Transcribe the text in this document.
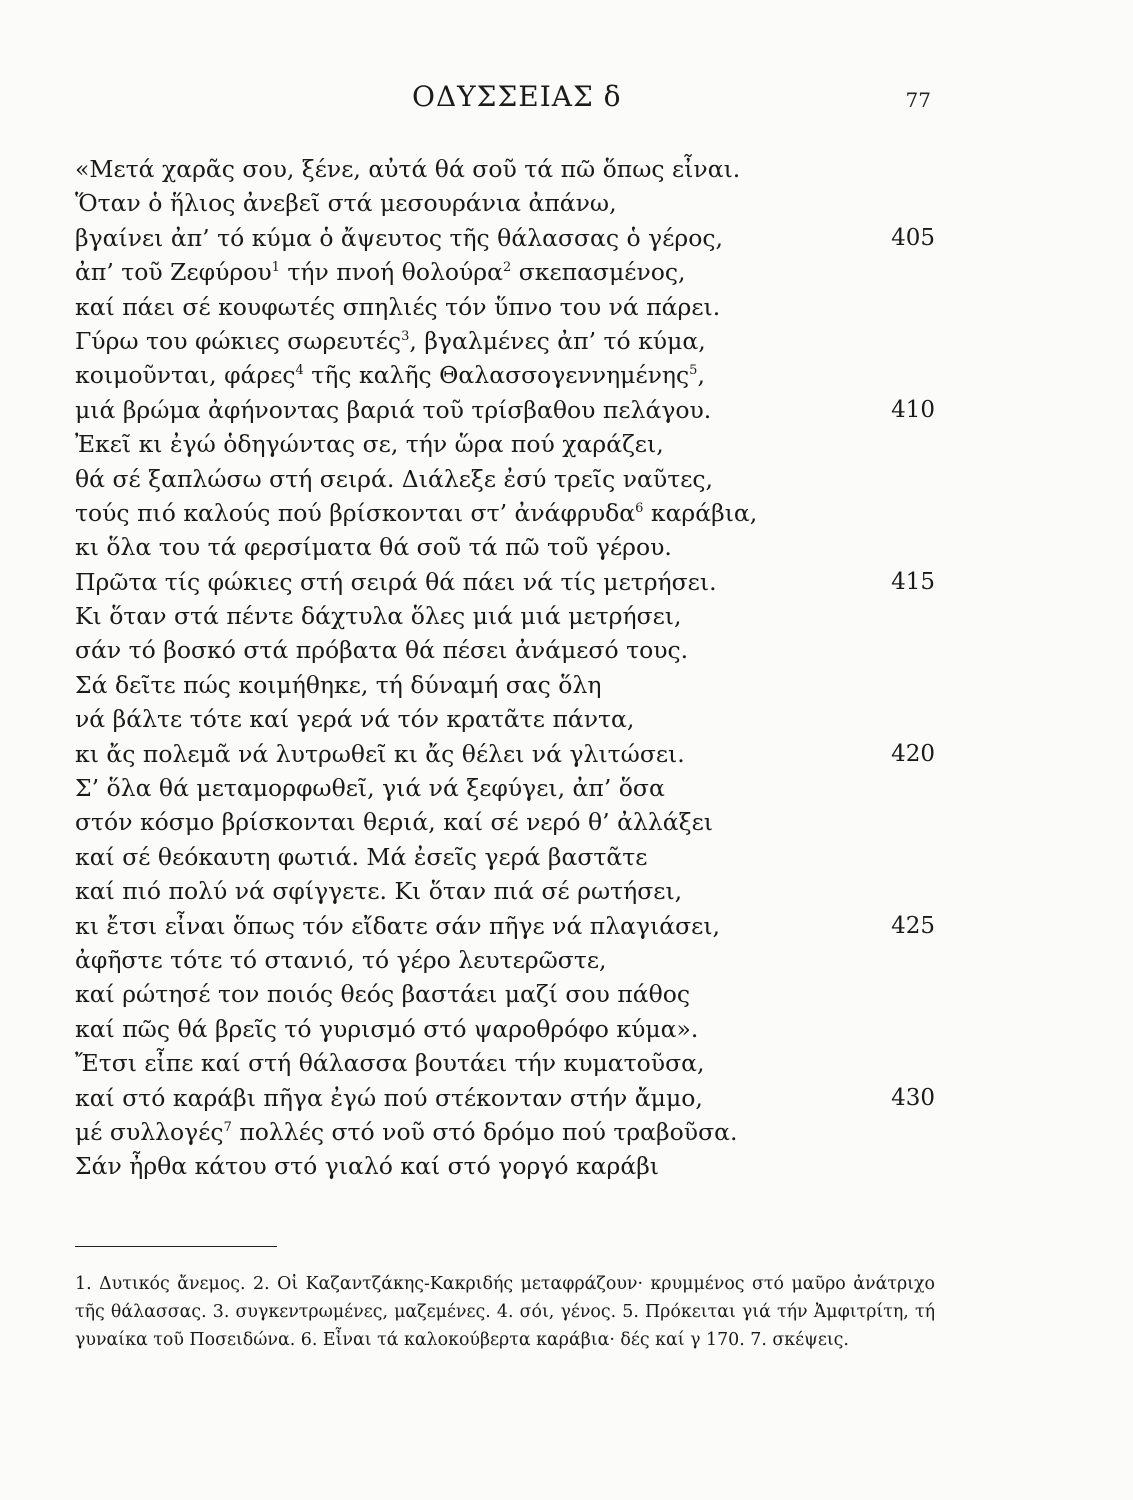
ΟΔΥΣΣΕΙΑΣ δ	77
«Μετά χαρᾶς σου, ξένε, αὐτά θά σοῦ τά πῶ ὅπως εἶναι.
Ὅταν ὁ ἥλιος ἀνεβεῖ στά μεσουράνια ἀπάνω,
βγαίνει ἀπ’ τό κύμα ὁ ἄψευτος τῆς θάλασσας ὁ γέρος,	405
ἀπ’ τοῦ Ζεφύρου$^1$ τήν πνοή θολούρα$^2$ σκεπασμένος,
καί πάει σέ κουφωτές σπηλιές τόν ὕπνο του νά πάρει.
Γύρω του φώκιες σωρευτές$^3$, βγαλμένες ἀπ’ τό κύμα,
κοιμοῦνται, φάρες$^4$ τῆς καλῆς Θαλασσογεννημένης$^5$,
μιά βρώμα ἀφήνοντας βαριά τοῦ τρίσβαθου πελάγου.	410
Ἐκεῖ κι ἐγώ ὁδηγώντας σε, τήν ὥρα πού χαράζει,
θά σέ ξαπλώσω στή σειρά. Διάλεξε ἐσύ τρεῖς ναῦτες,
τούς πιό καλούς πού βρίσκονται στ’ ἀνάφρυδα$^6$ καράβια,
κι ὅλα του τά φερσίματα θά σοῦ τά πῶ τοῦ γέρου.
Πρῶτα τίς φώκιες στή σειρά θά πάει νά τίς μετρήσει.	415
Κι ὅταν στά πέντε δάχτυλα ὅλες μιά μιά μετρήσει,
σάν τό βοσκό στά πρόβατα θά πέσει ἀνάμεσό τους.
Σά δεῖτε πώς κοιμήθηκε, τή δύναμή σας ὅλη
νά βάλτε τότε καί γερά νά τόν κρατᾶτε πάντα,
κι ἄς πολεμᾶ νά λυτρωθεῖ κι ἄς θέλει νά γλιτώσει.	420
Σ’ ὅλα θά μεταμορφωθεῖ, γιά νά ξεφύγει, ἀπ’ ὅσα
στόν κόσμο βρίσκονται θεριά, καί σέ νερό θ’ ἀλλάξει
καί σέ θεόκαυτη φωτιά. Μά ἐσεῖς γερά βαστᾶτε
καί πιό πολύ νά σφίγγετε. Κι ὅταν πιά σέ ρωτήσει,
κι ἔτσι εἶναι ὅπως τόν εἴδατε σάν πῆγε νά πλαγιάσει,	425
ἀφῆστε τότε τό στανιό, τό γέρο λευτερῶστε,
καί ρώτησέ τον ποιός θεός βαστάει μαζί σου πάθος
καί πῶς θά βρεῖς τό γυρισμό στό ψαροθρόφο κύμα».
Ἔτσι εἶπε καί στή θάλασσα βουτάει τήν κυματοῦσα,
καί στό καράβι πῆγα ἐγώ πού στέκονταν στήν ἄμμο,	430
μέ συλλογές$^7$ πολλές στό νοῦ στό δρόμο πού τραβοῦσα.
Σάν ἦρθα κάτου στό γιαλό καί στό γοργό καράβι
1. Δυτικός ἄνεμος. 2. Οἱ Καζαντζάκης-Κακριδής μεταφράζουν· κρυμμένος στό μαῦρο ἀνάτριχο τῆς θάλασσας. 3. συγκεντρωμένες, μαζεμένες. 4. σόι, γένος. 5. Πρόκειται γιά τήν Ἀμφιτρίτη, τή γυναίκα τοῦ Ποσειδώνα. 6. Εἶναι τά καλοκούβερτα καράβια· δές καί γ 170. 7. σκέψεις.
